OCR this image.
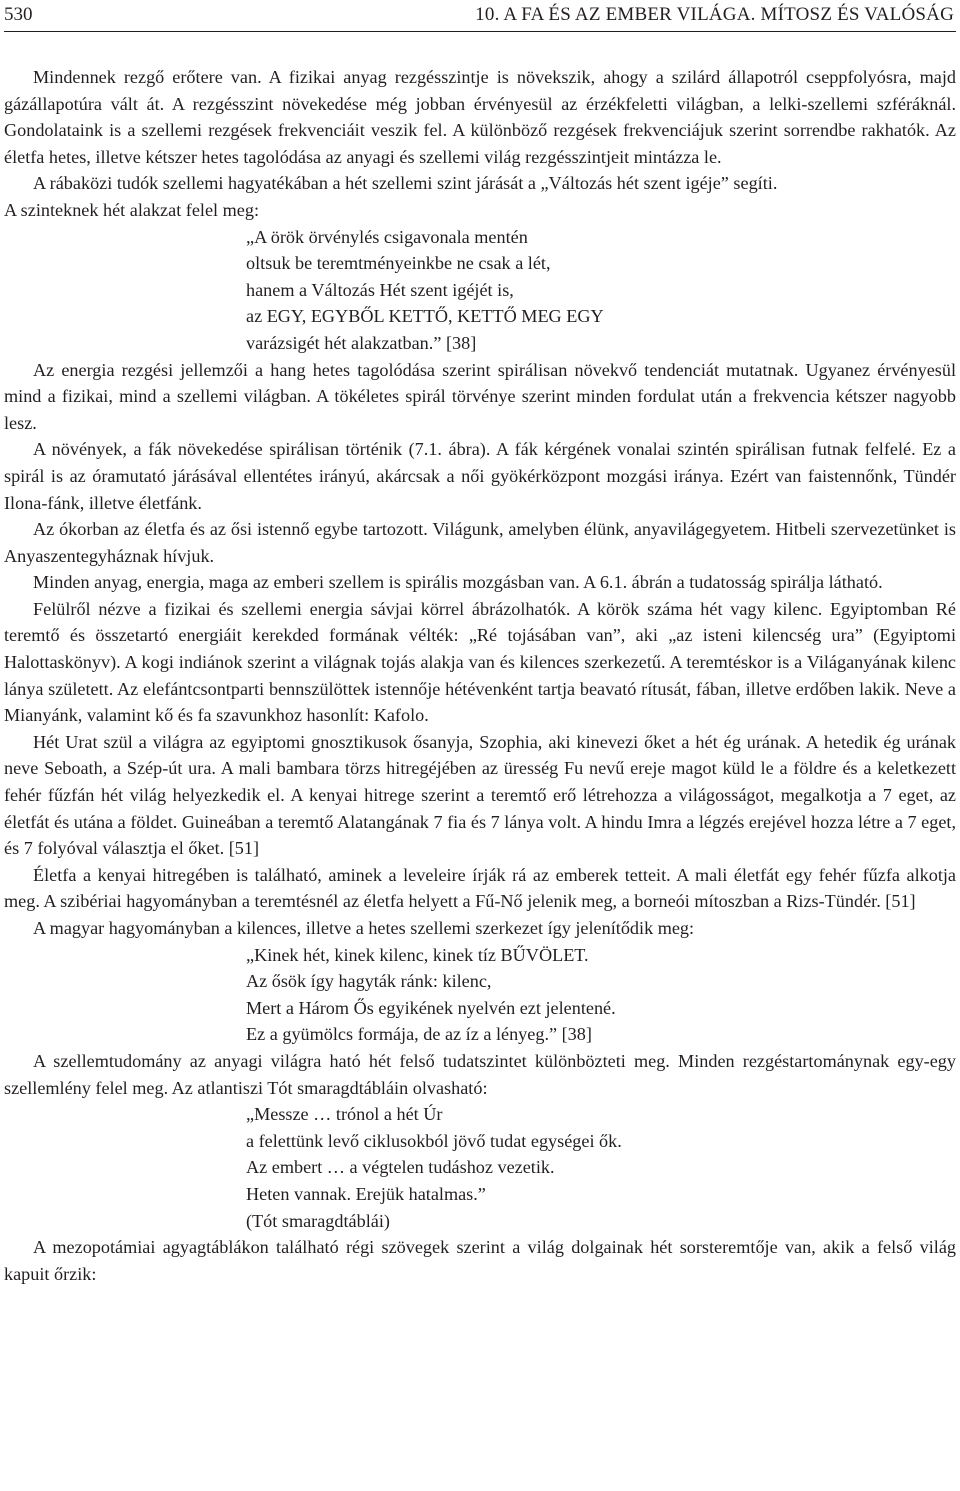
530	10. A FA ÉS AZ EMBER VILÁGA. MÍTOSZ ÉS VALÓSÁG

Mindennek rezgő erőtere van. A fizikai anyag rezgésszintje is növekszik, ahogy a szilárd állapotról cseppfolyósra, majd gázállapotúra vált át. A rezgésszint növekedése még jobban érvényesül az érzékfeletti világban, a lelki-szellemi szféráknál. Gondolataink is a szellemi rezgések frekvenciáit veszik fel. A különböző rezgések frekvenciájuk szerint sorrendbe rakhatók. Az életfa hetes, illetve kétszer hetes tagolódása az anyagi és szellemi világ rezgésszintjeit mintázza le.

A rábaközi tudók szellemi hagyatékában a hét szellemi szint járását a „Változás hét szent igéje” segíti.

A szinteknek hét alakzat felel meg:

„A örök örvénylés csigavonala mentén
oltsuk be teremtményeinkbe ne csak a lét,
hanem a Változás Hét szent igéjét is,
az EGY, EGYBŐL KETTŐ, KETTŐ MEG EGY
varázsigét hét alakzatban.” [38]

Az energia rezgési jellemzői a hang hetes tagolódása szerint spirálisan növekvő tendenciát mutatnak. Ugyanez érvényesül mind a fizikai, mind a szellemi világban. A tökéletes spirál törvénye szerint minden fordulat után a frekvencia kétszer nagyobb lesz.

A növények, a fák növekedése spirálisan történik (7.1. ábra). A fák kérgének vonalai szintén spirálisan futnak felfelé. Ez a spirál is az óramutató járásával ellentétes irányú, akárcsak a női gyökérközpont mozgási iránya. Ezért van faistennőnk, Tündér Ilona-fánk, illetve életfánk.

Az ókorban az életfa és az ősi istennő egybe tartozott. Világunk, amelyben élünk, anyavilágegyetem. Hitbeli szervezetünket is Anyaszentegyháznak hívjuk.

Minden anyag, energia, maga az emberi szellem is spirális mozgásban van. A 6.1. ábrán a tudatosság spirálja látható.

Felülről nézve a fizikai és szellemi energia sávjai körrel ábrázolhatók. A körök száma hét vagy kilenc. Egyiptomban Ré teremtő és összetartó energiáit kerekded formának vélték: „Ré tojásában van”, aki „az isteni kilencség ura” (Egyiptomi Halottaskönyv). A kogi indiánok szerint a világnak tojás alakja van és kilences szerkezetű. A teremtéskor is a Világanyának kilenc lánya született. Az elefántcsontparti bennszülöttek istennője hétévenként tartja beavató rítusát, fában, illetve erdőben lakik. Neve a Mianyánk, valamint kő és fa szavunkhoz hasonlít: Kafolo.

Hét Urat szül a világra az egyiptomi gnosztikusok ősanyja, Szophia, aki kinevezi őket a hét ég urának. A hetedik ég urának neve Seboath, a Szép-út ura. A mali bambara törzs hitregéjében az üresség Fu nevű ereje magot küld le a földre és a keletkezett fehér fűzfán hét világ helyezkedik el. A kenyai hitrege szerint a teremtő erő létrehozza a világosságot, megalkotja a 7 eget, az életfát és utána a földet. Guineában a teremtő Alatangának 7 fia és 7 lánya volt. A hindu Imra a légzés erejével hozza létre a 7 eget, és 7 folyóval választja el őket. [51]

Életfa a kenyai hitregében is található, aminek a leveleire írják rá az emberek tetteit. A mali életfát egy fehér fűzfa alkotja meg. A szibériai hagyományban a teremtésnél az életfa helyett a Fű-Nő jelenik meg, a borneói mítoszban a Rizs-Tündér. [51]

A magyar hagyományban a kilences, illetve a hetes szellemi szerkezet így jelenítődik meg:

„Kinek hét, kinek kilenc, kinek tíz BŰVÖLET.
Az ősök így hagyták ránk: kilenc,
Mert a Három Ős egyikének nyelvén ezt jelentené.
Ez a gyümölcs formája, de az íz a lényeg.” [38]

A szellemtudomány az anyagi világra ható hét felső tudatszintet különbözteti meg. Minden rezgéstartománynak egy-egy szellemlény felel meg. Az atlantiszi Tót smaragdtábláin olvasható:

„Messze … trónol a hét Úr
a felettünk levő ciklusokból jövő tudat egységei ők.
Az embert … a végtelen tudáshoz vezetik.
Heten vannak. Erejük hatalmas.”
(Tót smaragdtáblái)

A mezopotámiai agyagtáblákon található régi szövegek szerint a világ dolgainak hét sorsteremtője van, akik a felső világ kapuit őrzik:
